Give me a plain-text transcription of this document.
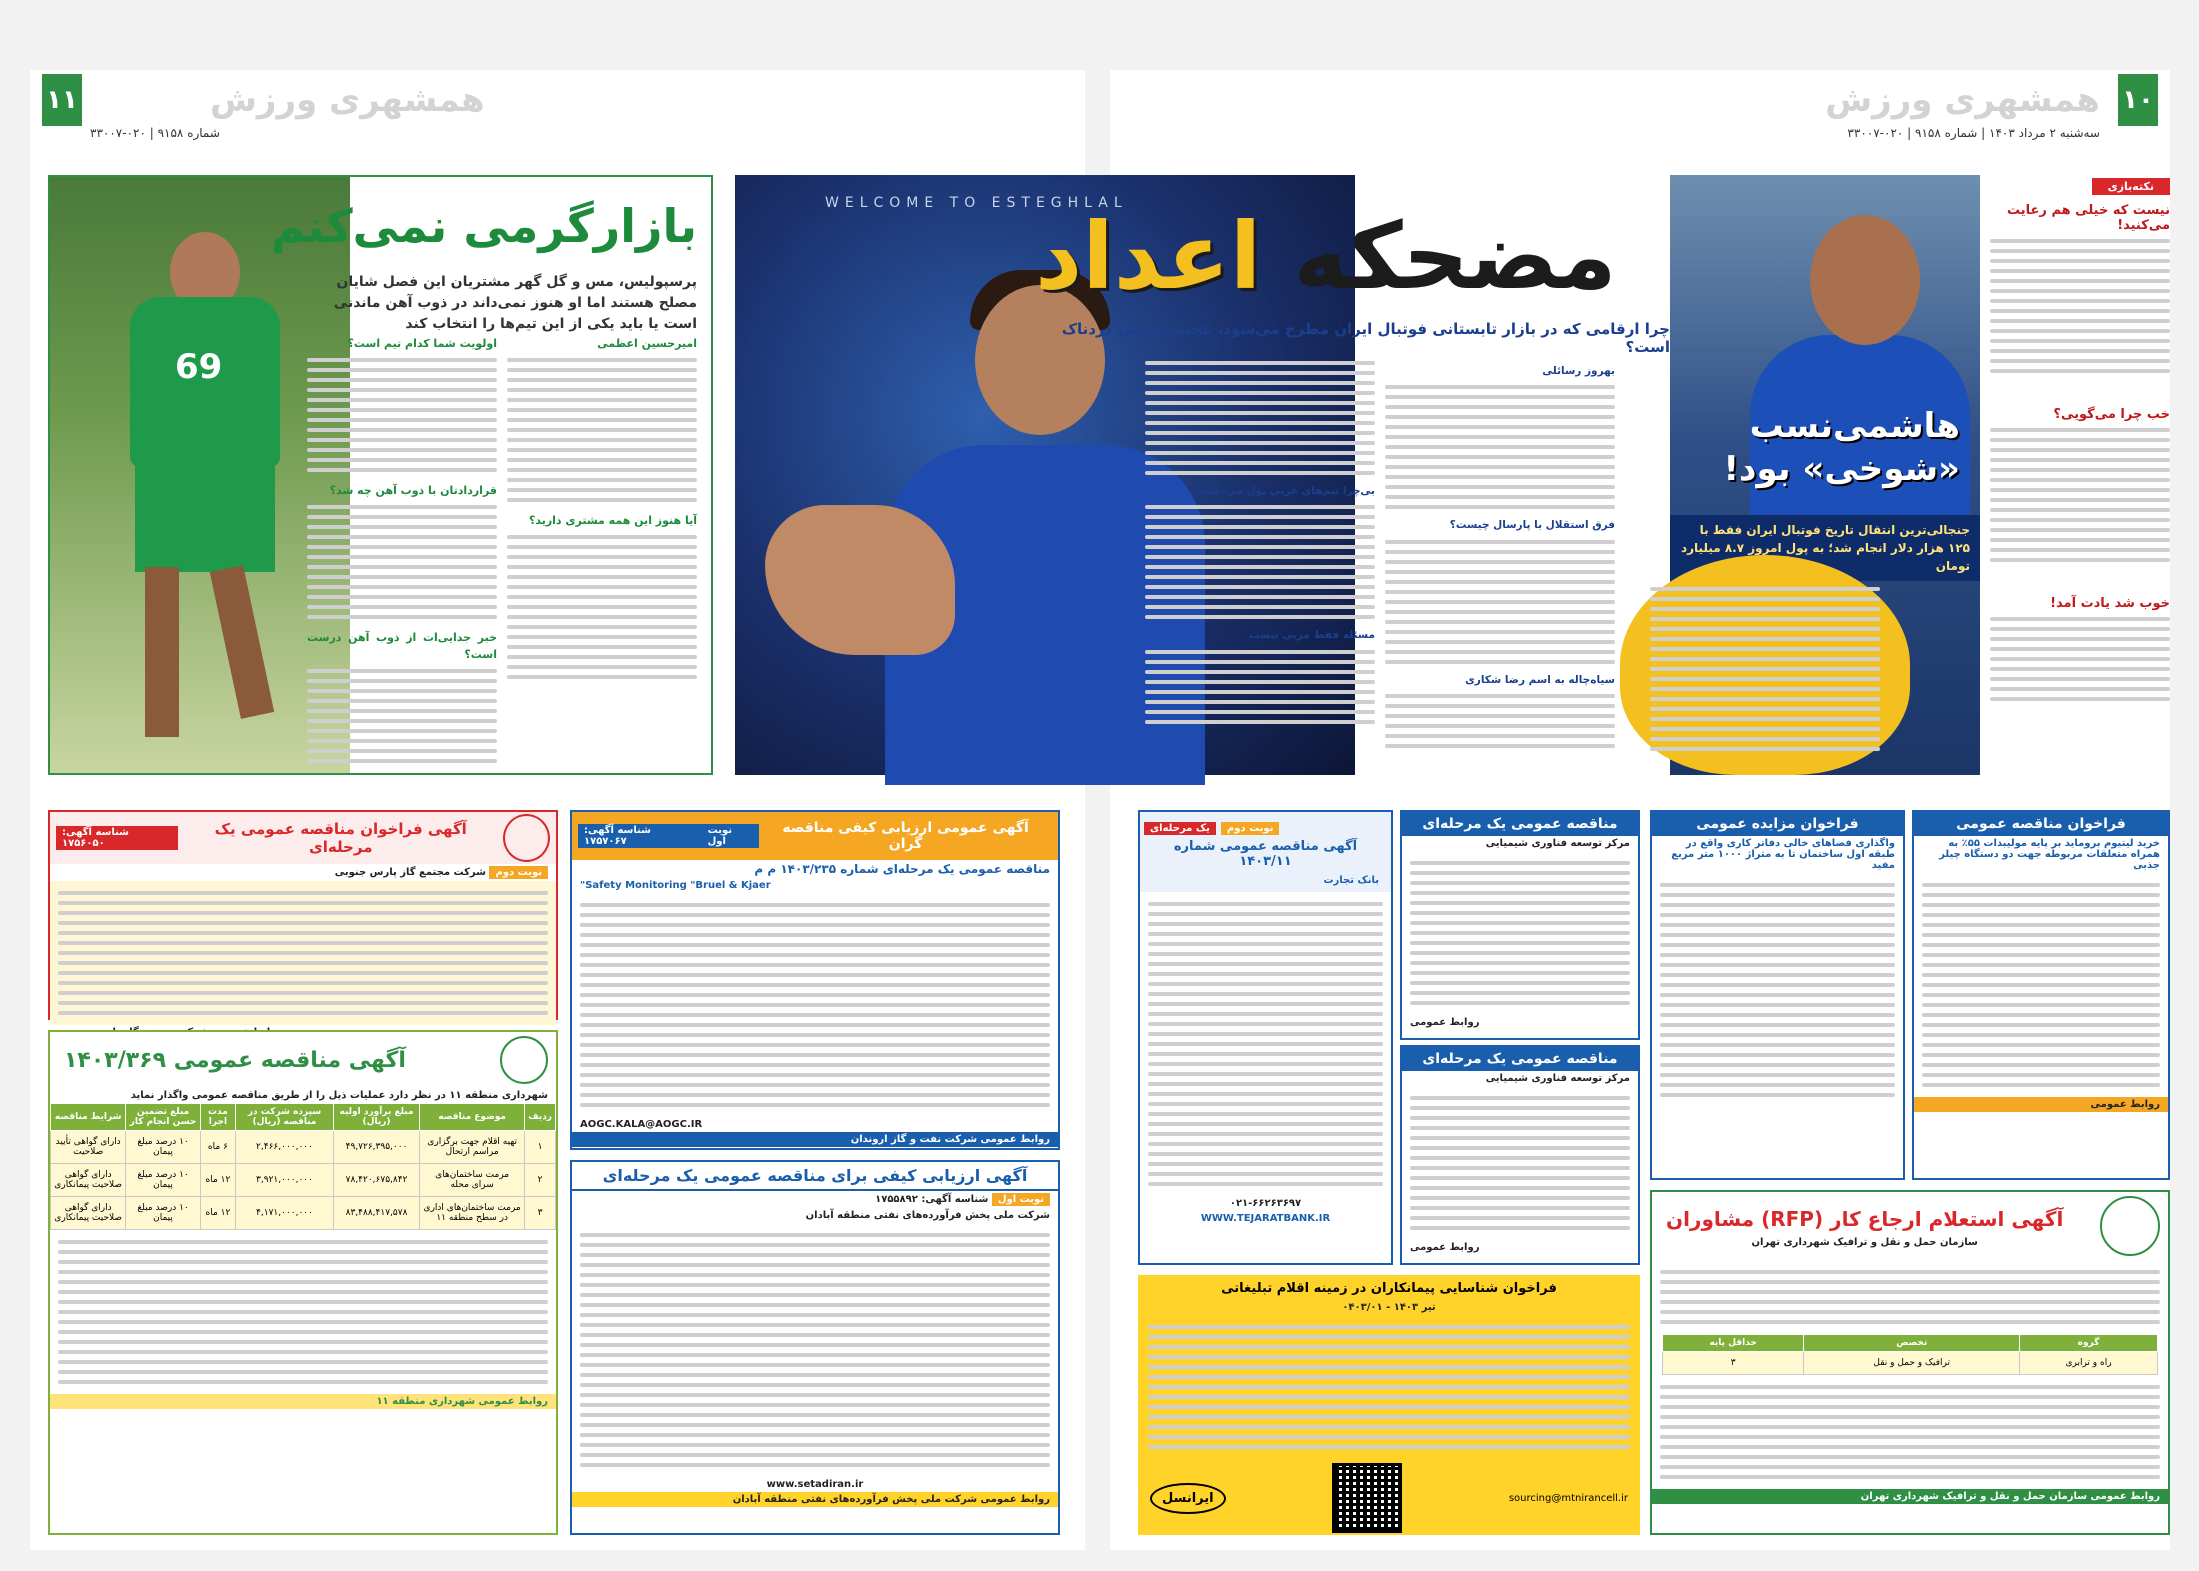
۱۱	همشهری ورزش
شماره ۹۱۵۸ | ۰۲۰-۳۳۰۰۷
۱۰
همشهری ورزش
سه‌شنبه ۲ مرداد ۱۴۰۳ | شماره ۹۱۵۸ | ۰۲۰-۳۳۰۰۷
69
بازارگرمی نمی‌کنم
پرسپولیس، مس و گل گهر مشتریان این فصل شایان مصلح هستند اما او هنوز نمی‌داند در ذوب آهن ماندنی است یا باید یکی از این تیم‌ها را انتخاب کند
امیرحسین اعظمی
آیا هنوز این همه مشتری دارید؟
اولویت شما کدام تیم است؟
قراردادتان با ذوب آهن چه شد؟
خبر جدایی‌ات از ذوب آهن درست است؟
WELCOME TO ESTEGHLAL	مضحکه اعداد
چرا ارقامی که در بازار تابستانی فوتبال ایران مطرح می‌شود، عجیب و حتی دردناک است؟
بهروز رسائلی
فرق استقلال با پارسال چیست؟
سیاه‌چاله به اسم رضا شکاری
بی‌چرا تیم‌های عربی پول می‌دهند؟
مسئله فقط مربی نیست
هاشمی‌نسب «شوخی» بود!
جنجالی‌ترین انتقال تاریخ فوتبال ایران فقط با ۱۲۵ هزار دلار انجام شد؛ به پول امروز ۸.۷ میلیارد تومان
نکته‌بازی
نیست که خیلی هم رعایت می‌کنید!
خب چرا می‌گویی؟
خوب شد یادت آمد!
شناسه آگهی: ۱۷۵۶۰۵۰
آگهی فراخوان مناقصه عمومی یک مرحله‌ای
نوبت دوم شرکت مجتمع گاز پارس جنوبی
آگهی مناقصه عمومی ۱۴۰۳/۳۶۹
شهرداری منطقه ۱۱ در نظر دارد عملیات ذیل را از طریق مناقصه عمومی واگذار نماید
ردیف	موضوع مناقصه	مبلغ برآورد اولیه (ریال)	سپرده شرکت در مناقصه (ریال)	مدت اجرا	مبلغ تضمین حسن انجام کار	شرایط مناقصه
۱	تهیه اقلام جهت برگزاری مراسم ارتحال	۴۹,۷۲۶,۳۹۵,۰۰۰	۲,۴۶۶,۰۰۰,۰۰۰	۶ ماه	۱۰ درصد مبلغ پیمان	دارای گواهی تأیید صلاحیت
۲	مرمت ساختمان‌های سرای محله	۷۸,۴۲۰,۶۷۵,۸۴۲	۳,۹۲۱,۰۰۰,۰۰۰	۱۲ ماه	۱۰ درصد مبلغ پیمان	دارای گواهی صلاحیت پیمانکاری
۳	مرمت ساختمان‌های اداری در سطح منطقه ۱۱	۸۳,۴۸۸,۴۱۷,۵۷۸	۴,۱۷۱,۰۰۰,۰۰۰	۱۲ ماه	۱۰ درصد مبلغ پیمان	دارای گواهی صلاحیت پیمانکاری
روابط عمومی شهرداری منطقه ۱۱
شناسه آگهی: ۱۷۵۷۰۶۷
نوبت اول
آگهی عمومی ارزیابی کیفی مناقصه گران
مناقصه عمومی یک مرحله‌ای شماره ۱۴۰۳/۲۳۵ م م
Safety Monitoring "Bruel & Kjaer"
AOGC.KALA@AOGC.IR
روابط عمومی شرکت نفت و گاز اروندان
آگهی ارزیابی کیفی برای مناقصه عمومی یک مرحله‌ای
نوبت اول شناسه آگهی: ۱۷۵۵۸۹۲
شرکت ملی پخش فرآورده‌های نفتی منطقه آبادان
www.setadiran.ir
روابط عمومی شرکت ملی پخش فرآورده‌های نفتی منطقه آبادان
یک مرحله‌ای نوبت دوم
آگهی مناقصه عمومی شماره ۱۴۰۳/۱۱
بانک تجارت
۰۲۱-۶۶۲۶۳۶۹۷
WWW.TEJARATBANK.IR
مناقصه عمومی یک مرحله‌ای
مرکز توسعه فناوری شیمیایی
روابط عمومی
مناقصه عمومی یک مرحله‌ای
مرکز توسعه فناوری شیمیایی
روابط عمومی
فراخوان شناسایی پیمانکاران در زمینه اقلام تبلیغاتی
تیر ۱۴۰۳ - ۰۴۰۳/۰۱
ایرانسل	sourcing@mtnirancell.ir
فراخوان مزایده عمومی
واگذاری فضاهای خالی دفاتر کاری واقع در طبقه اول ساختمان تا به متراژ ۱۰۰۰ متر مربع مفید
فراخوان مناقصه عمومی
خرید لیتیوم بروماید بر پایه مولیبدات ۵۵٪ به همراه متعلقات مربوطه جهت دو دستگاه چیلر جذبی
روابط عمومی
آگهی استعلام ارجاع کار (RFP) مشاوران
سازمان حمل و نقل و ترافیک شهرداری تهران
گروه	تخصص	حداقل پایه
راه و ترابری	ترافیک و حمل و نقل	۳
روابط عمومی سازمان حمل و نقل و ترافیک شهرداری تهران
